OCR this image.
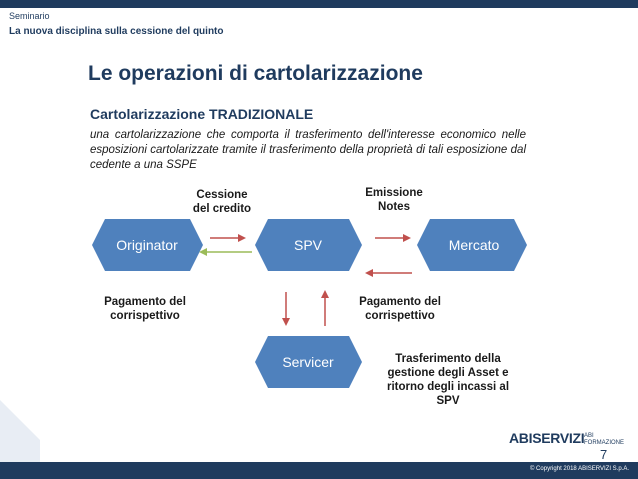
Seminario
La nuova disciplina sulla cessione del quinto
Le operazioni di cartolarizzazione
Cartolarizzazione TRADIZIONALE
una cartolarizzazione che comporta il trasferimento dell'interesse economico nelle esposizioni cartolarizzate tramite il trasferimento della proprietà di tali esposizione dal cedente a una SSPE
Originator	SPV	Mercato
Servicer
Cessione
del credito
Emissione
Notes
Pagamento del
corrispettivo
Pagamento del
corrispettivo
Trasferimento della
gestione degli Asset e
ritorno degli incassi al
SPV
ABISERVIZI ABI
FORMAZIONE
7
© Copyright 2018 ABISERVIZI S.p.A.
